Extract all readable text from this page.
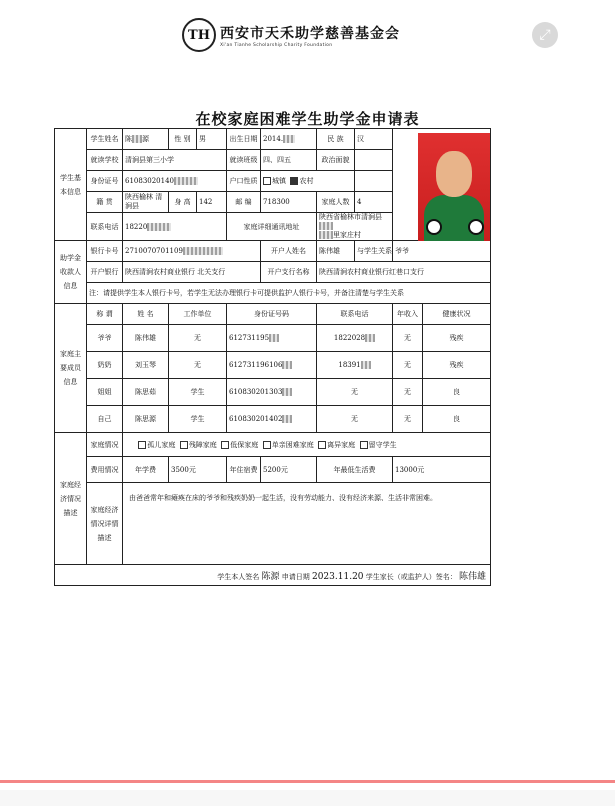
⤢
TH 西安市天禾助学慈善基金会
Xi'an Tianhe Scholarship Charity Foundation
在校家庭困难学生助学金申请表
学生基本信息	学生姓名	陈 源	性 别	男	出生日期	2014.	民 族	汉		
	就读学校	清涧县第三小学			就读班级	四、四五	政治面貌			
	身份证号	61083020140			户口性质	城镇 农村				
	籍 贯	陕西榆林 清涧县	身 高	142	邮 编	718300	家庭人数	4		
	联系电话	18220			家庭详细通讯地址		陕西省榆林市清涧县
里家庄村			
助学金收款人信息	银行卡号	2710070701109				开户人姓名	陈伟雄	与学生关系	爷爷	
	开户银行	陕西清涧农村商业银行 北关支行				开户支行名称	陕西清涧农村商业银行红巷口支行			
	注：请提供学生本人银行卡号，若学生无法办理银行卡可提供监护人银行卡号，并备注清楚与学生关系									
家庭主要成员信息	称 谓	姓 名	工作单位		身份证号码		联系电话		年收入	健康状况
	爷爷	陈伟雄	无		612731195		1822028		无	残疾
	奶奶	刘玉琴	无		612731196106		18391		无	残疾
	姐姐	陈思茹	学生		610830201303		无		无	良
	自己	陈思源	学生		610830201402		无		无	良
家庭经济情况描述	家庭情况	孤儿家庭 残障家庭 低保家庭 单亲困难家庭 离异家庭 留守学生								
	费用情况	年学费	3500元		年住宿费	5200元	年最低生活费		13000元	
	家庭经济情况详情描述	由爸爸常年和瘫痪在床的爷爷和残疾奶奶一起生活，没有劳动能力、没有经济来源、生活非常困难。								
学生本人签名 陈源 申请日期 2023.11.20 学生家长（或监护人）签名： 陈伟雄										
